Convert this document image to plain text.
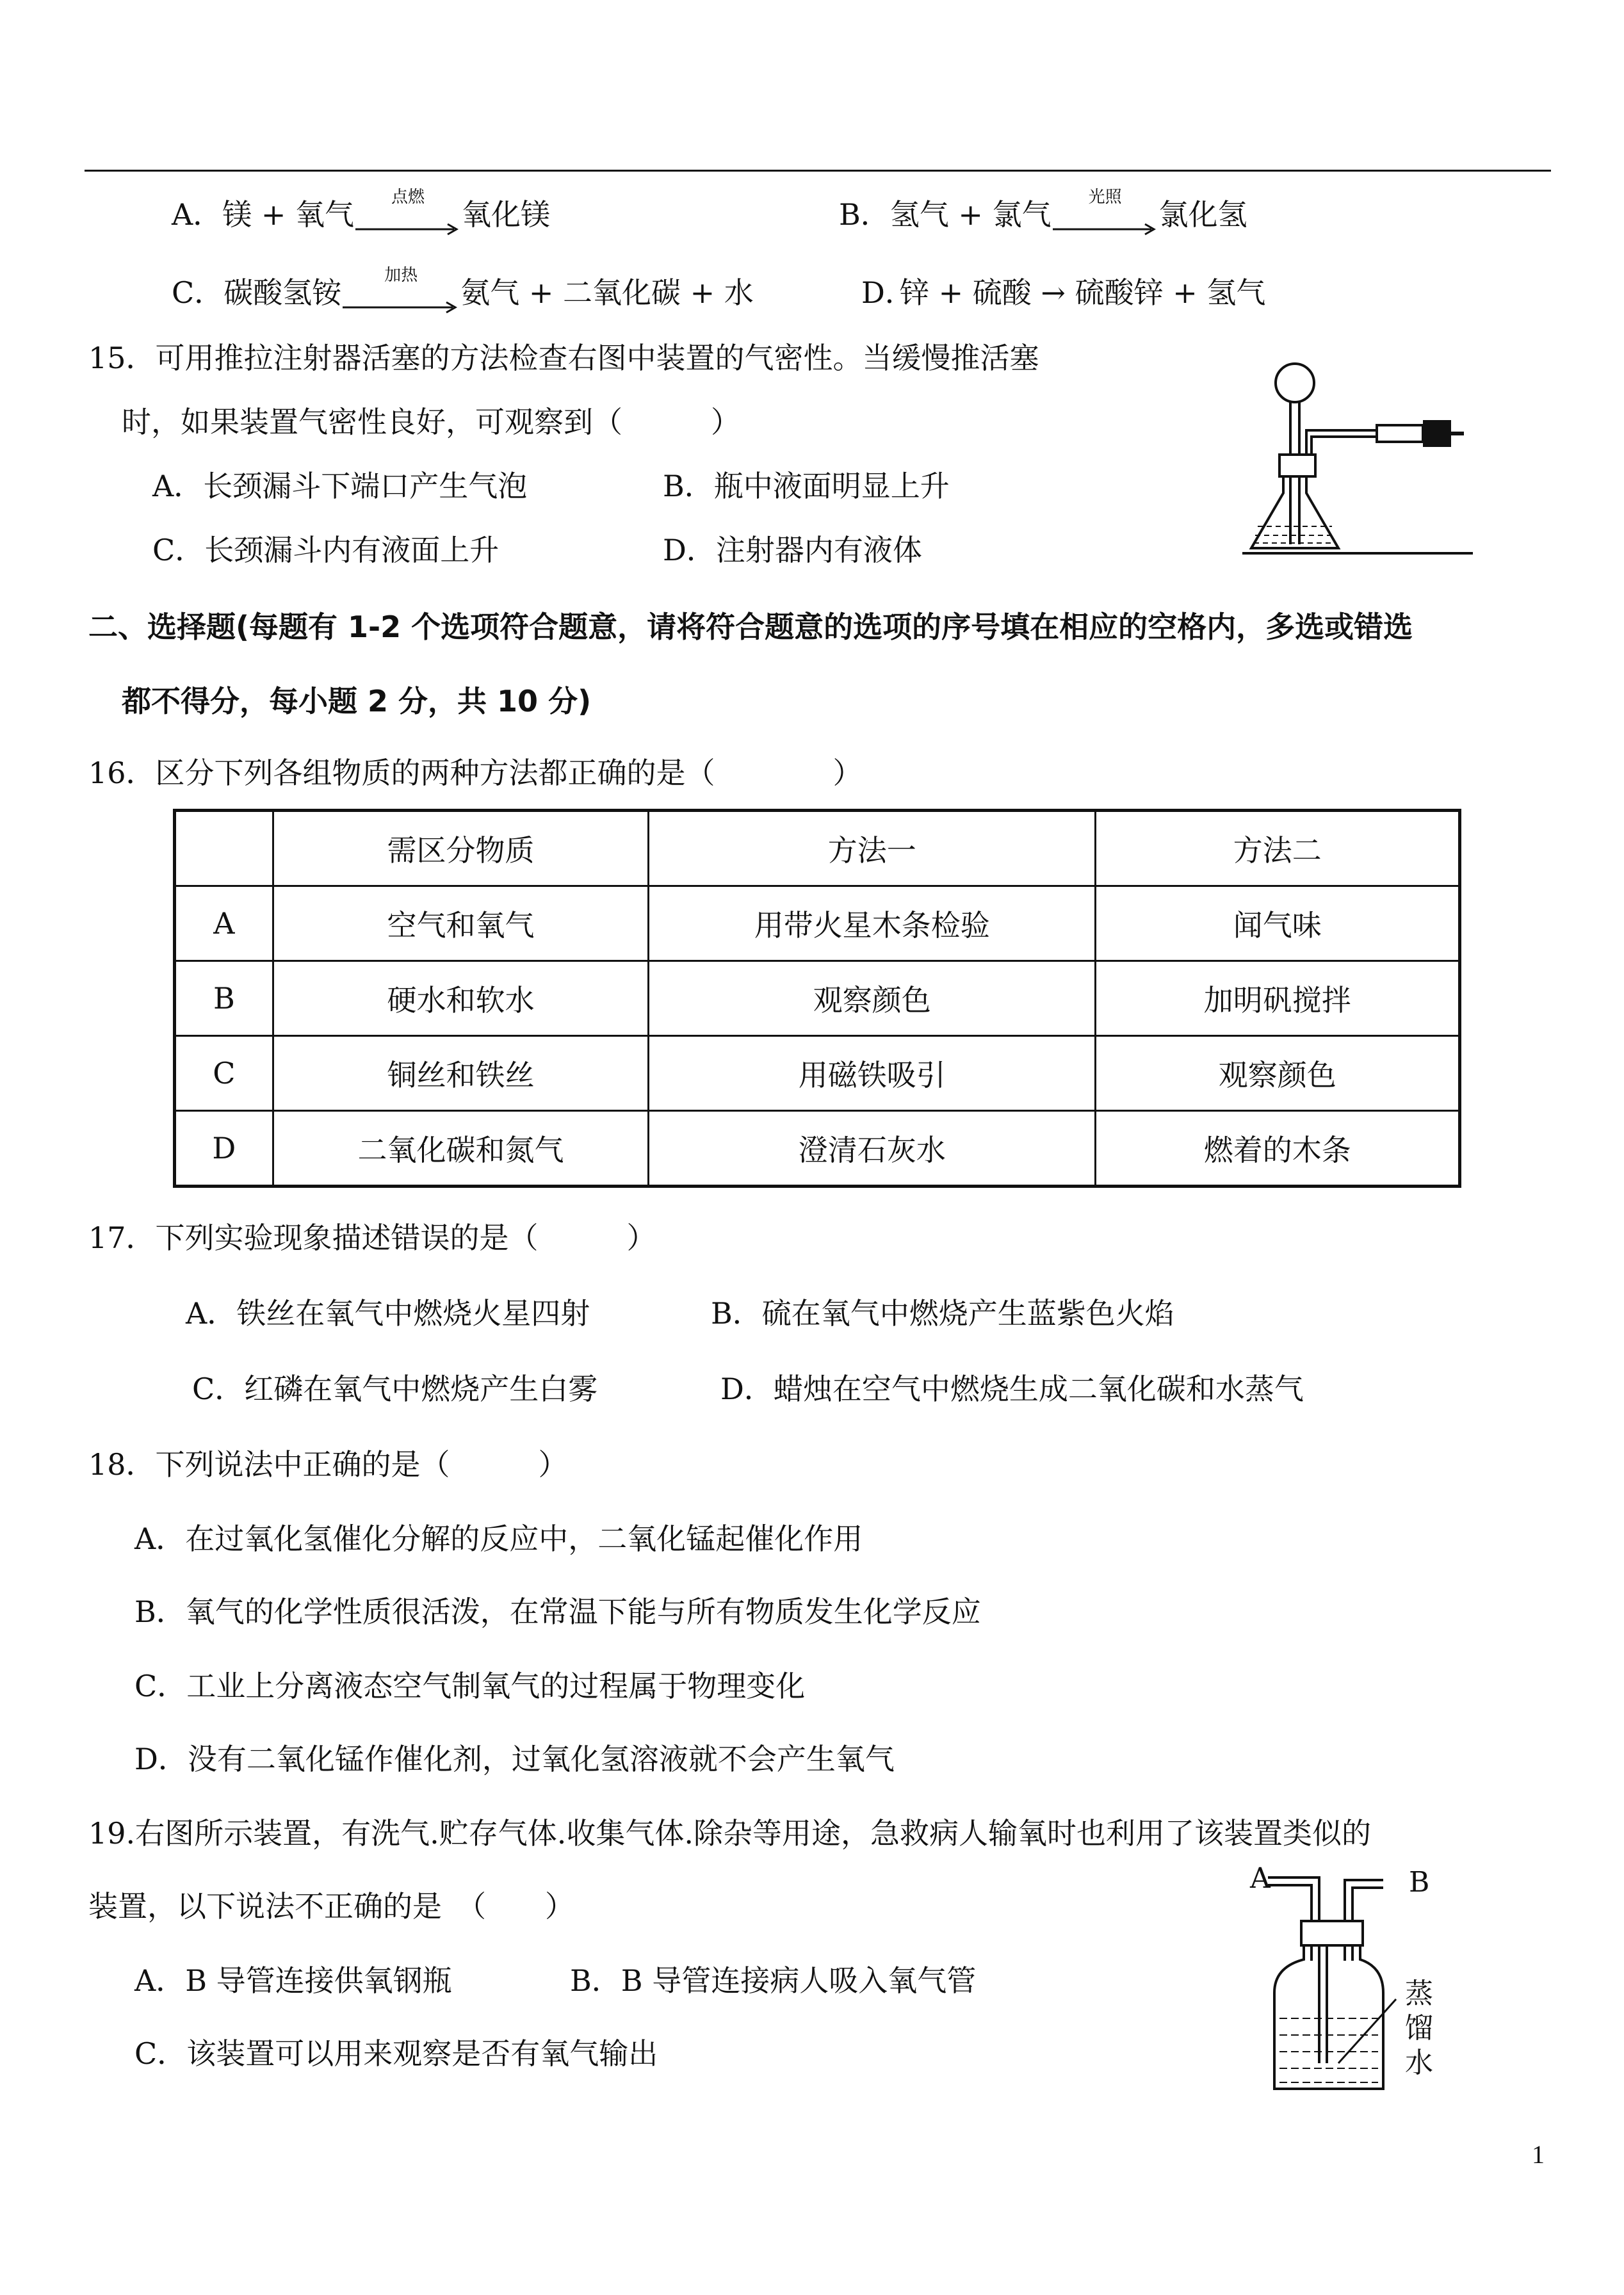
A．镁 + 氧气	点燃	氧化镁	B．氢气 + 氯气	光照	氯化氢
C．碳酸氢铵	加热	氨气 + 二氧化碳 + 水	D．
锌 + 硫酸 → 硫酸锌 + 氢气
15．可用推拉注射器活塞的方法检查右图中装置的气密性。当缓慢推活塞
时，如果装置气密性良好，可观察到（　　　）
A．长颈漏斗下端口产生气泡	B．瓶中液面明显上升
C．长颈漏斗内有液面上升	D．注射器内有液体
二、选择题(每题有 1-2 个选项符合题意，请将符合题意的选项的序号填在相应的空格内，多选或错选
都不得分，每小题 2 分，共 10 分)
16．区分下列各组物质的两种方法都正确的是（　　　　）
	需区分物质	方法一	方法二
A	空气和氧气	用带火星木条检验	闻气味
B	硬水和软水	观察颜色	加明矾搅拌
C	铜丝和铁丝	用磁铁吸引	观察颜色
D	二氧化碳和氮气	澄清石灰水	燃着的木条
17．下列实验现象描述错误的是（　　　）
A．铁丝在氧气中燃烧火星四射	B．硫在氧气中燃烧产生蓝紫色火焰
C．红磷在氧气中燃烧产生白雾	D．蜡烛在空气中燃烧生成二氧化碳和水蒸气
18．下列说法中正确的是（　　　）
A．在过氧化氢催化分解的反应中，二氧化锰起催化作用
B．氧气的化学性质很活泼，在常温下能与所有物质发生化学反应
C．工业上分离液态空气制氧气的过程属于物理变化
D．没有二氧化锰作催化剂，过氧化氢溶液就不会产生氧气
19.右图所示装置，有洗气.贮存气体.收集气体.除杂等用途，急救病人输氧时也利用了该装置类似的
装置，以下说法不正确的是　（　　）
A．B 导管连接供氧钢瓶	B．B 导管连接病人吸入氧气管
C．该装置可以用来观察是否有氧气输出
A	B
蒸
馏
水
1
